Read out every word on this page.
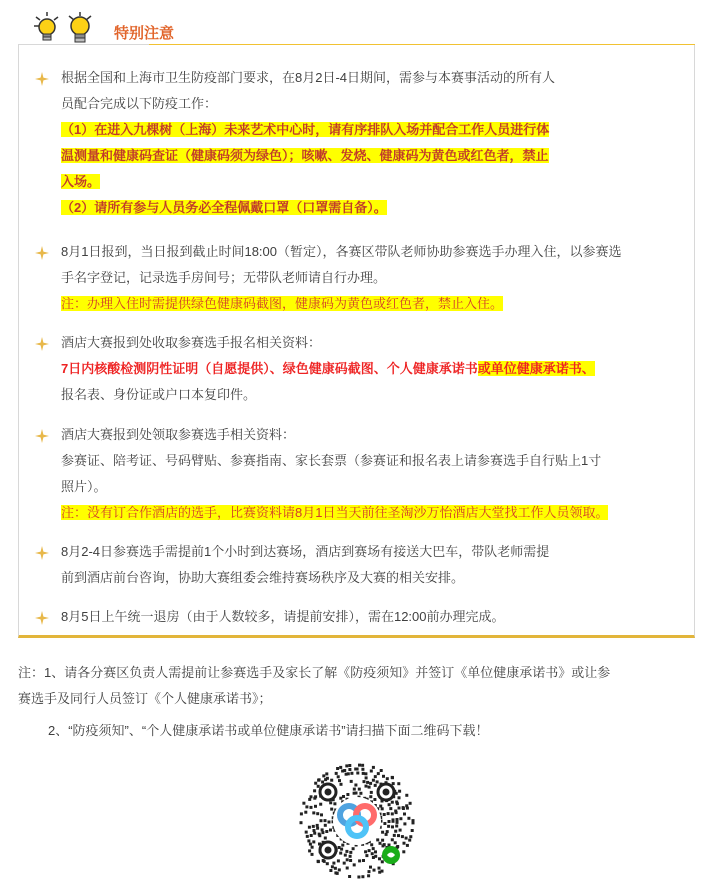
特别注意
根据全国和上海市卫生防疫部门要求，在8月2日-4日期间，需参与本赛事活动的所有人
员配合完成以下防疫工作：
（1）在进入九棵树（上海）未来艺术中心时，请有序排队入场并配合工作人员进行体
温测量和健康码查证（健康码须为绿色）；咳嗽、发烧、健康码为黄色或红色者，禁止
入场。
（2）请所有参与人员务必全程佩戴口罩（口罩需自备）。
8月1日报到，当日报到截止时间18:00（暂定），各赛区带队老师协助参赛选手办理入住，以参赛选
手名字登记，记录选手房间号；无带队老师请自行办理。
注：办理入住时需提供绿色健康码截图，健康码为黄色或红色者，禁止入住。
酒店大赛报到处收取参赛选手报名相关资料：
7日内核酸检测阴性证明（自愿提供）、绿色健康码截图、个人健康承诺书或单位健康承诺书、
报名表、身份证或户口本复印件。
酒店大赛报到处领取参赛选手相关资料：
参赛证、陪考证、号码臂贴、参赛指南、家长套票（参赛证和报名表上请参赛选手自行贴上1寸
照片）。
注：没有订合作酒店的选手，比赛资料请8月1日当天前往圣淘沙万怡酒店大堂找工作人员领取。
8月2-4日参赛选手需提前1个小时到达赛场，酒店到赛场有接送大巴车，带队老师需提
前到酒店前台咨询，协助大赛组委会维持赛场秩序及大赛的相关安排。
8月5日上午统一退房（由于人数较多，请提前安排），需在12:00前办理完成。
注：1、请各分赛区负责人需提前让参赛选手及家长了解《防疫须知》并签订《单位健康承诺书》或让参
赛选手及同行人员签订《个人健康承诺书》；
2、“防疫须知”、“个人健康承诺书或单位健康承诺书”请扫描下面二维码下载！
